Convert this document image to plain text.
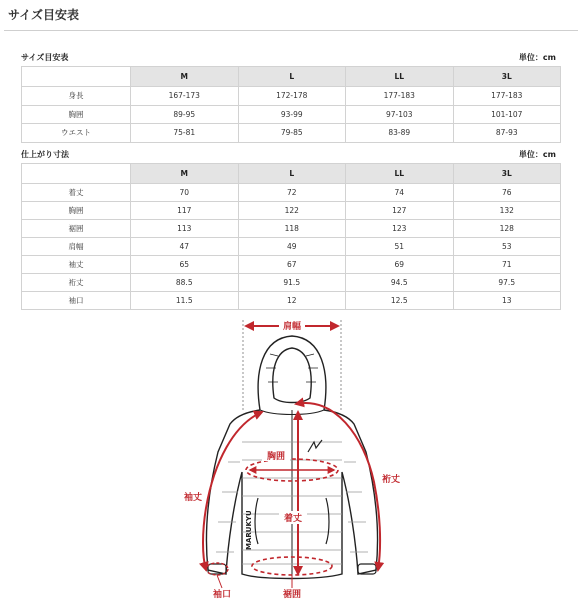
サイズ目安表
サイズ目安表	単位：cm
	M	L	LL	3L
身長	167-173	172-178	177-183	177-183
胸囲	89-95	93-99	97-103	101-107
ウエスト	75-81	79-85	83-89	87-93
仕上がり寸法	単位：cm
	M	L	LL	3L
着丈	70	72	74	76
胸囲	117	122	127	132
裾囲	113	118	123	128
肩幅	47	49	51	53
袖丈	65	67	69	71
裄丈	88.5	91.5	94.5	97.5
袖口	11.5	12	12.5	13
MARUKYU
肩幅
胸囲
着丈
裾囲
袖丈
裄丈
袖口
